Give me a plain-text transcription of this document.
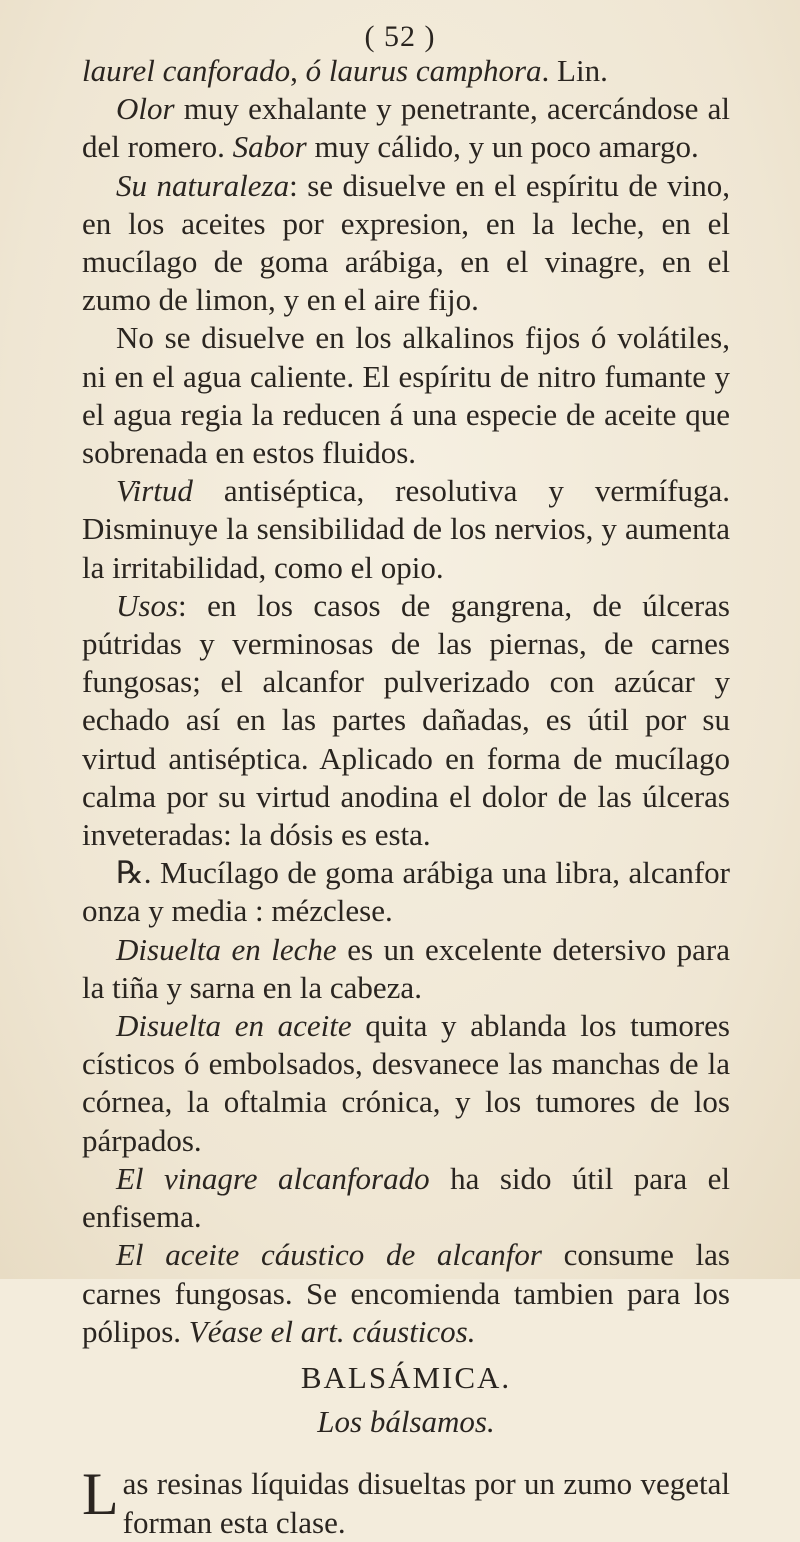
( 52 )

laurel canforado, ó laurus camphora. Lin.

Olor muy exhalante y penetrante, acercándose al del romero. Sabor muy cálido, y un poco amargo.

Su naturaleza: se disuelve en el espíritu de vino, en los aceites por expresion, en la leche, en el mucílago de goma arábiga, en el vinagre, en el zumo de limon, y en el aire fijo.

No se disuelve en los alkalinos fijos ó volátiles, ni en el agua caliente. El espíritu de nitro fumante y el agua regia la reducen á una especie de aceite que sobrenada en estos fluidos.

Virtud antiséptica, resolutiva y vermífuga. Disminuye la sensibilidad de los nervios, y aumenta la irritabilidad, como el opio.

Usos: en los casos de gangrena, de úlceras pútridas y verminosas de las piernas, de carnes fungosas; el alcanfor pulverizado con azúcar y echado así en las partes dañadas, es útil por su virtud antiséptica. Aplicado en forma de mucílago calma por su virtud anodina el dolor de las úlceras inveteradas: la dósis es esta.

℞. Mucílago de goma arábiga una libra, alcanfor onza y media : mézclese.

Disuelta en leche es un excelente detersivo para la tiña y sarna en la cabeza.

Disuelta en aceite quita y ablanda los tumores císticos ó embolsados, desvanece las manchas de la córnea, la oftalmia crónica, y los tumores de los párpados.

El vinagre alcanforado ha sido útil para el enfisema.

El aceite cáustico de alcanfor consume las carnes fungosas. Se encomienda tambien para los pólipos. Véase el art. cáusticos.

BALSÁMICA.

Los bálsamos.

Las resinas líquidas disueltas por un zumo vegetal forman esta clase.
